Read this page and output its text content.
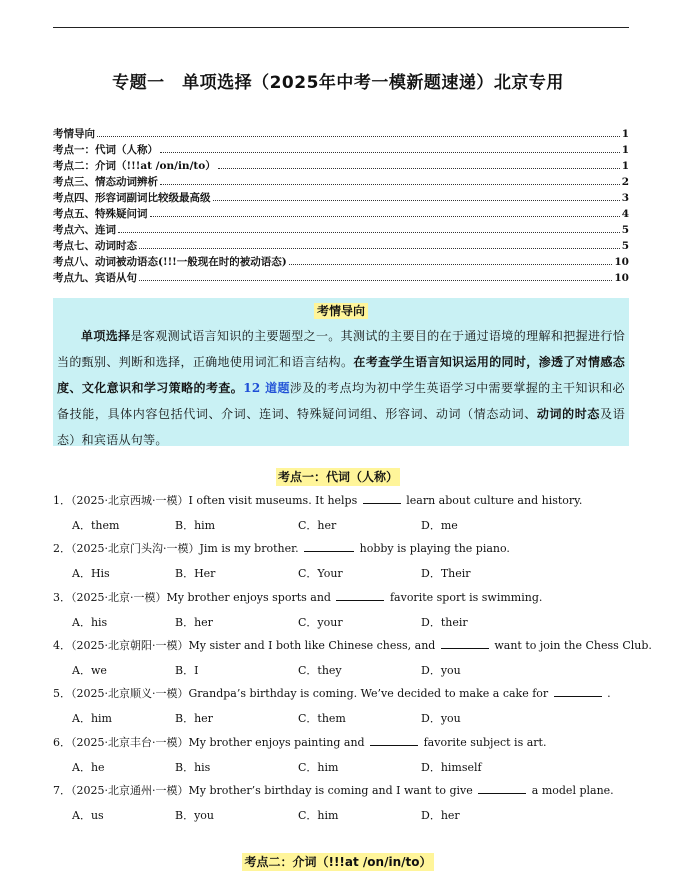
专题一　单项选择（2025年中考一模新题速递）北京专用
考情导向	1
考点一：代词（人称）	1
考点二：介词（!!!at /on/in/to）	1
考点三、情态动词辨析	2
考点四、形容词副词比较级最高级	3
考点五、特殊疑问词	4
考点六、连词	5
考点七、动词时态	5
考点八、动词被动语态(!!!一般现在时的被动语态)	10
考点九、宾语从句	10
考情导向
单项选择是客观测试语言知识的主要题型之一。其测试的主要目的在于通过语境的理解和把握进行恰当的甄别、判断和选择，正确地使用词汇和语言结构。在考查学生语言知识运用的同时，渗透了对情感态度、文化意识和学习策略的考查。12 道题涉及的考点均为初中学生英语学习中需要掌握的主干知识和必备技能，具体内容包括代词、介词、连词、特殊疑问词组、形容词、动词（情态动词、动词的时态及语态）和宾语从句等。
考点一：代词（人称）
1．（2025·北京西城·一模）I often visit museums. It helps	learn about culture and history.
A．them	B．him	C．her	D．me
2．（2025·北京门头沟·一模）Jim is my brother.	hobby is playing the piano.
A．His	B．Her	C．Your	D．Their
3．（2025·北京·一模）My brother enjoys sports and	favorite sport is swimming.
A．his	B．her	C．your	D．their
4．（2025·北京朝阳·一模）My sister and I both like Chinese chess, and	want to join the Chess Club.
A．we	B．I	C．they	D．you
5．（2025·北京顺义·一模）Grandpa’s birthday is coming. We’ve decided to make a cake for	.
A．him	B．her	C．them	D．you
6．（2025·北京丰台·一模）My brother enjoys painting and	favorite subject is art.
A．he	B．his	C．him	D．himself
7．（2025·北京通州·一模）My brother’s birthday is coming and I want to give	a model plane.
A．us	B．you	C．him	D．her
考点二：介词（!!!at /on/in/to）
